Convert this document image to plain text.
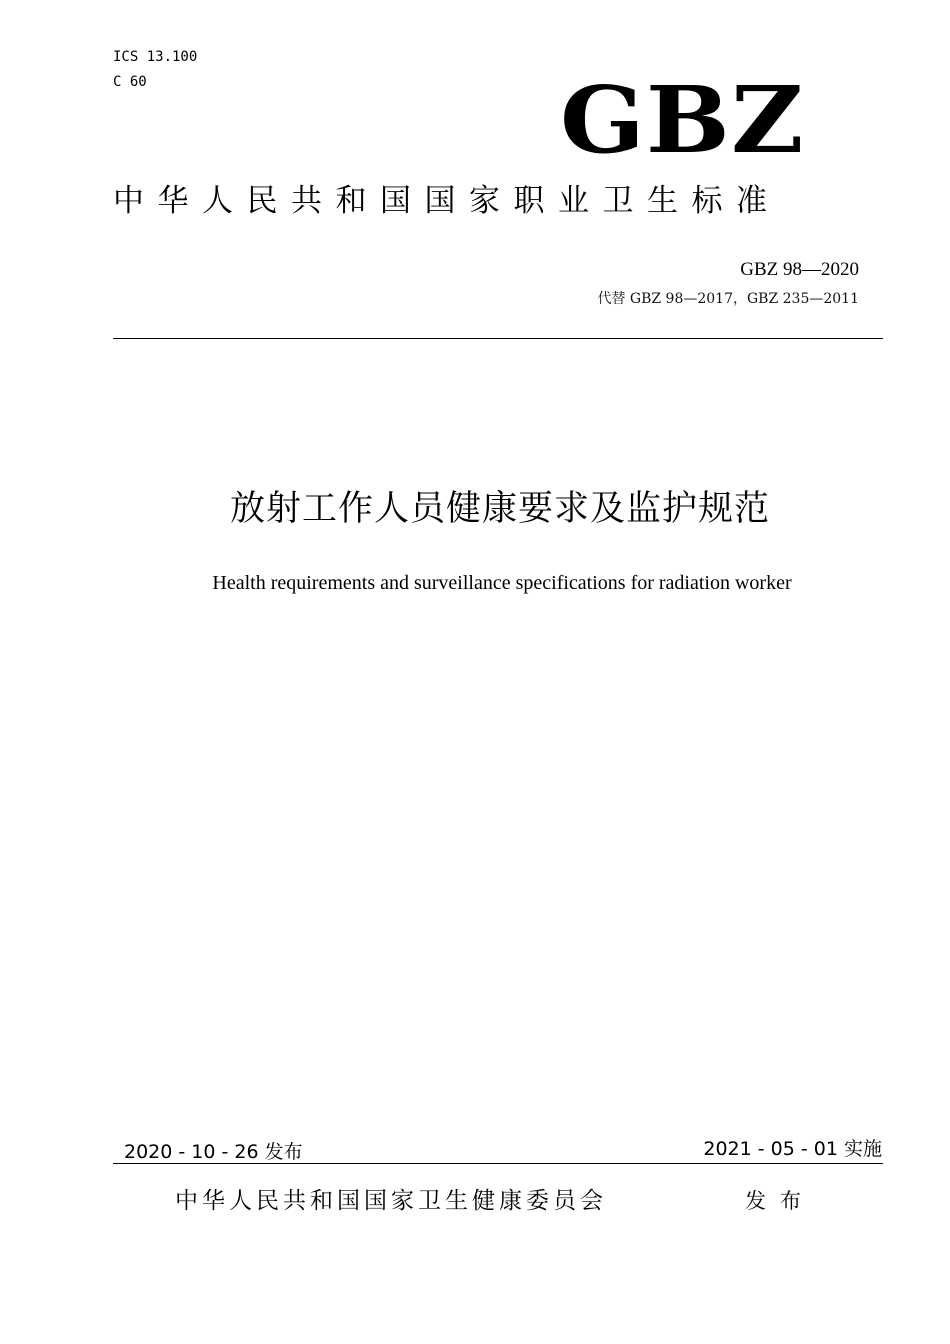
ICS 13.100
C 60	GBZ
中华人民共和国国家职业卫生标准
GBZ 98—2020
代替 GBZ 98—2017，GBZ 235—2011
放射工作人员健康要求及监护规范
Health requirements and surveillance specifications for radiation worker
2020 - 10 - 26 发布	2021 - 05 - 01 实施
中华人民共和国国家卫生健康委员会	发布
